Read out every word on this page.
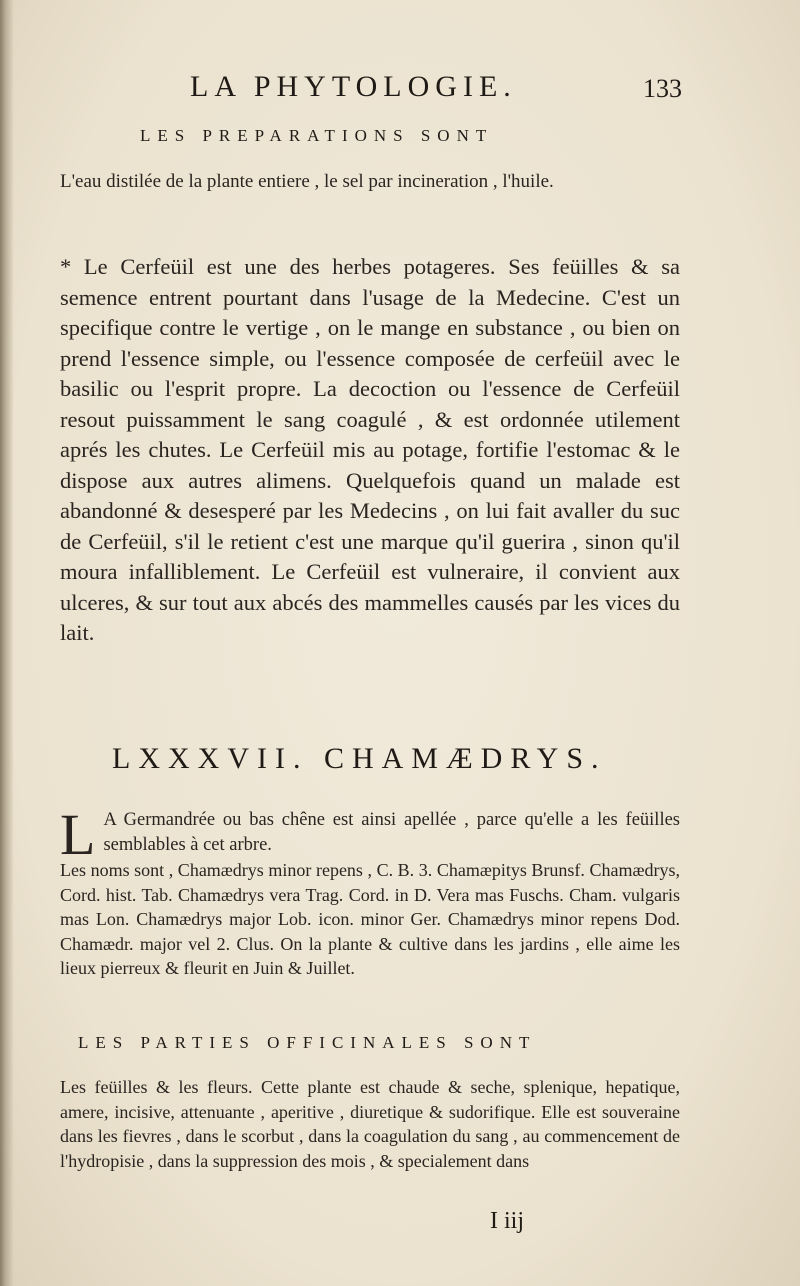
LA PHYTOLOGIE.	133
LES PREPARATIONS SONT
L'eau distilée de la plante entiere , le sel par incineration , l'huile.
* Le Cerfeüil est une des herbes potageres. Ses feüilles & sa semence entrent pourtant dans l'usage de la Medecine. C'est un specifique contre le vertige , on le mange en substance , ou bien on prend l'essence simple, ou l'essence composée de cerfeüil avec le basilic ou l'esprit propre. La decoction ou l'essence de Cerfeüil resout puissamment le sang coagulé , & est ordonnée utilement aprés les chutes. Le Cerfeüil mis au potage, fortifie l'estomac & le dispose aux autres alimens. Quelquefois quand un malade est abandonné & desesperé par les Medecins , on lui fait avaller du suc de Cerfeüil, s'il le retient c'est une marque qu'il guerira , sinon qu'il moura infalliblement. Le Cerfeüil est vulneraire, il convient aux ulceres, & sur tout aux abcés des mammelles causés par les vices du lait.
LXXXVII. CHAMÆDRYS.
L A Germandrée ou bas chêne est ainsi apellée , parce qu'elle a les feüilles semblables à cet arbre.
Les noms sont , Chamædrys minor repens , C. B. 3. Chamæpitys Brunsf. Chamædrys, Cord. hist. Tab. Chamædrys vera Trag. Cord. in D. Vera mas Fuschs. Cham. vulgaris mas Lon. Chamædrys major Lob. icon. minor Ger. Chamædrys minor repens Dod. Chamædr. major vel 2. Clus. On la plante & cultive dans les jardins , elle aime les lieux pierreux & fleurit en Juin & Juillet.
LES PARTIES OFFICINALES SONT
Les feüilles & les fleurs. Cette plante est chaude & seche, splenique, hepatique, amere, incisive, attenuante , aperitive , diuretique & sudorifique. Elle est souveraine dans les fievres , dans le scorbut , dans la coagulation du sang , au commencement de l'hydropisie , dans la suppression des mois , & specialement dans
I iij
